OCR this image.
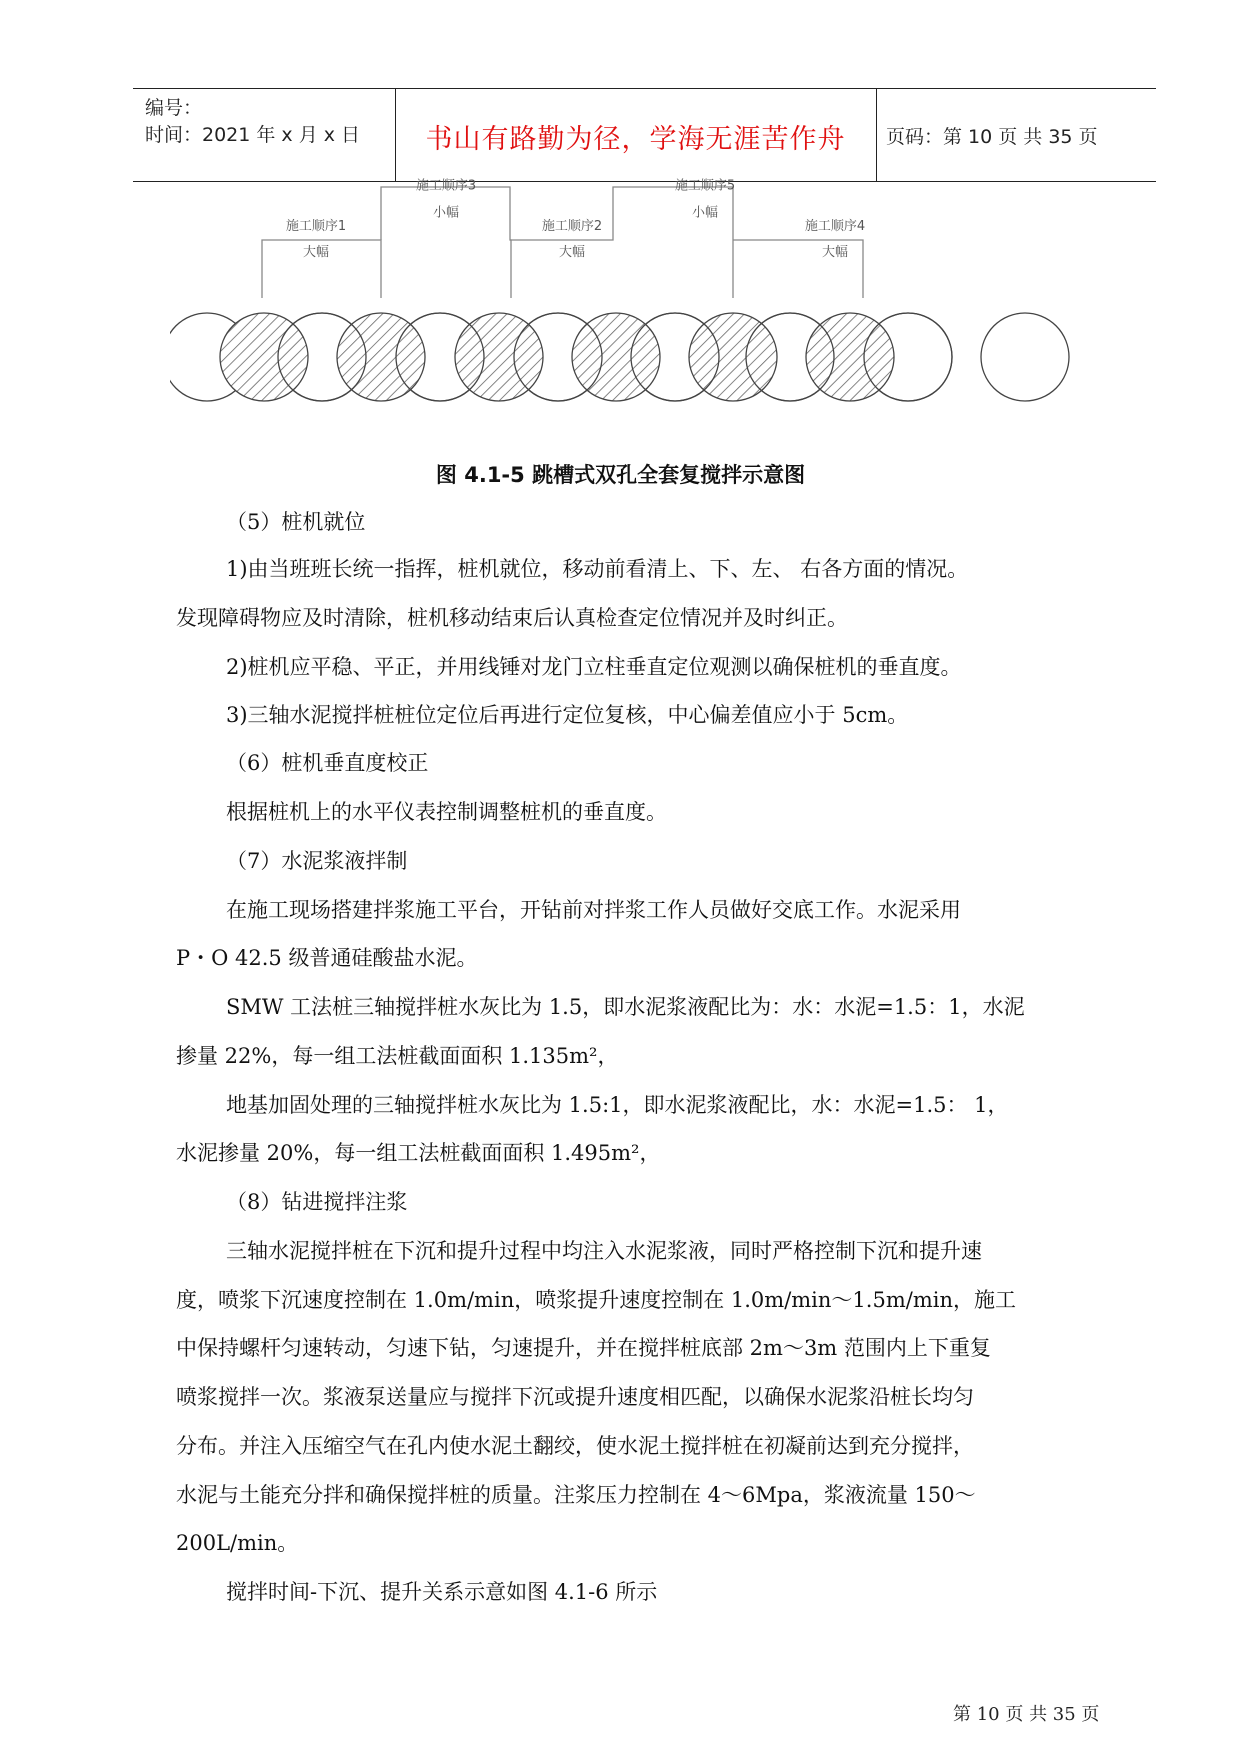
编号：
时间：2021 年 x 月 x 日	书山有路勤为径，学海无涯苦作舟	页码：第 10 页 共 35 页
施工顺序1
大幅
施工顺序3
小幅
施工顺序2
大幅
施工顺序5
小幅
施工顺序4
大幅
图 4.1-5 跳槽式双孔全套复搅拌示意图
（5）桩机就位
1)由当班班长统一指挥，桩机就位，移动前看清上、下、左、 右各方面的情况。
发现障碍物应及时清除，桩机移动结束后认真检查定位情况并及时纠正。
2)桩机应平稳、平正，并用线锤对龙门立柱垂直定位观测以确保桩机的垂直度。
3)三轴水泥搅拌桩桩位定位后再进行定位复核，中心偏差值应小于 5cm。
（6）桩机垂直度校正
根据桩机上的水平仪表控制调整桩机的垂直度。
（7）水泥浆液拌制
在施工现场搭建拌浆施工平台，开钻前对拌浆工作人员做好交底工作。水泥采用
P・O 42.5 级普通硅酸盐水泥。
SMW 工法桩三轴搅拌桩水灰比为 1.5，即水泥浆液配比为：水：水泥=1.5：1，水泥
掺量 22%，每一组工法桩截面面积 1.135m²，
地基加固处理的三轴搅拌桩水灰比为 1.5:1，即水泥浆液配比，水：水泥=1.5： 1，
水泥掺量 20%，每一组工法桩截面面积 1.495m²，
（8）钻进搅拌注浆
三轴水泥搅拌桩在下沉和提升过程中均注入水泥浆液，同时严格控制下沉和提升速
度，喷浆下沉速度控制在 1.0m/min，喷浆提升速度控制在 1.0m/min～1.5m/min，施工
中保持螺杆匀速转动，匀速下钻，匀速提升，并在搅拌桩底部 2m～3m 范围内上下重复
喷浆搅拌一次。浆液泵送量应与搅拌下沉或提升速度相匹配，以确保水泥浆沿桩长均匀
分布。并注入压缩空气在孔内使水泥土翻绞，使水泥土搅拌桩在初凝前达到充分搅拌，
水泥与土能充分拌和确保搅拌桩的质量。注浆压力控制在 4～6Mpa，浆液流量 150～
200L/min。
搅拌时间-下沉、提升关系示意如图 4.1-6 所示
第 10 页 共 35 页
